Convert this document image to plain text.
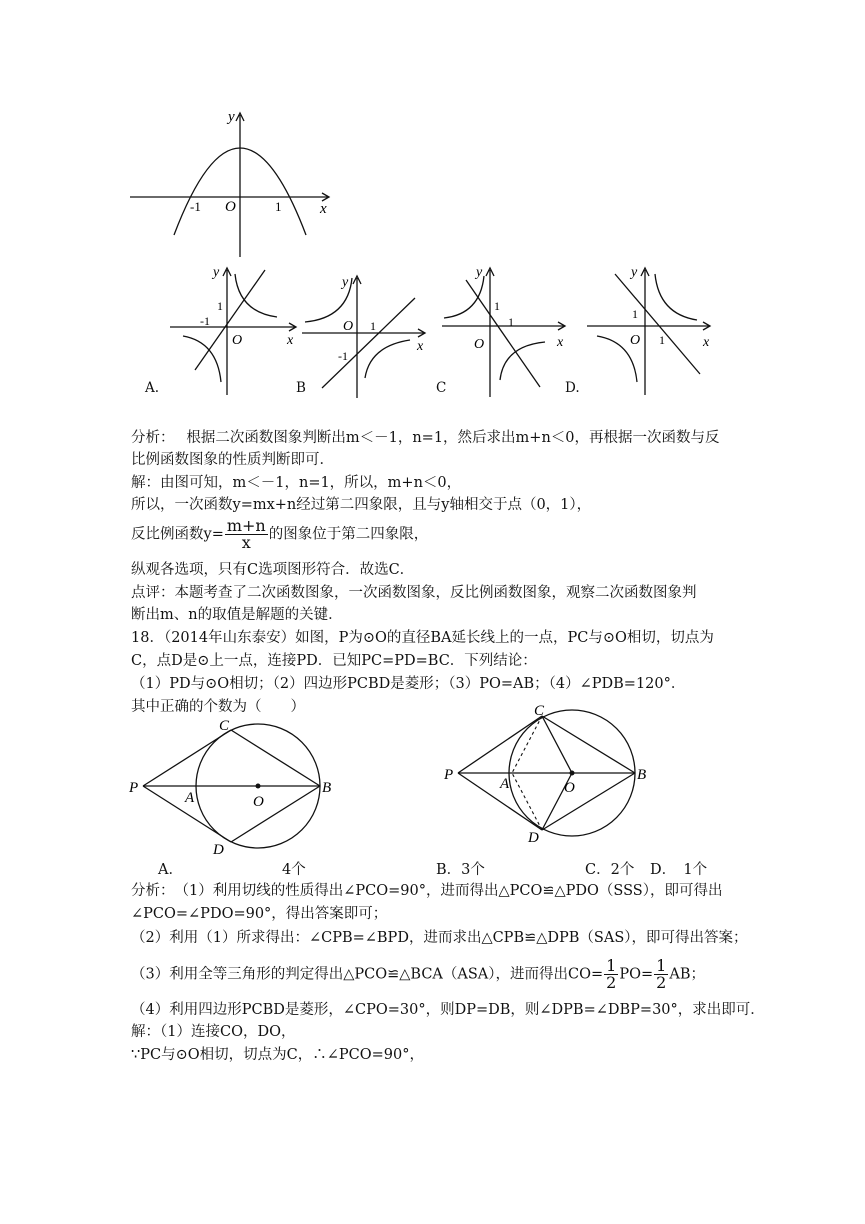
y
x
O
-1	1
y
x
O
-1
1
y
x
O 1
-1
y
x
O
1
1
y
x
O
1
1
A.	B	C	D.
分析：　 根据二次函数图象判断出m＜－1，n=1，然后求出m+n＜0，再根据一次函数与反
比例函数图象的性质判断即可．
解：由图可知，m＜－1，n=1，所以，m+n＜0，
所以，一次函数y=mx+n经过第二四象限，且与y轴相交于点（0，1），
反比例函数$y= \frac{m+n}{x}$ 的图象位于第二四象限，
纵观各选项，只有C选项图形符合．故选C．
点评：本题考查了二次函数图象，一次函数图象，反比例函数图象，观察二次函数图象判
断出m、n的取值是解题的关键．
18．（2014年山东泰安）如图，P为⊙O的直径BA延长线上的一点，PC与⊙O相切，切点为
C，点D是⊙上一点，连接PD．已知PC=PD=BC．下列结论：
（1）PD与⊙O相切；（2）四边形PCBD是菱形；（3）PO=AB；（4）∠PDB=120°．
其中正确的个数为（　　）
C
P
A	O
B
D
C
P
A	O
B
D
A．	4个	B．3个	C．2个 D．　1个
分析：　（1）利用切线的性质得出∠PCO=90°，进而得出△PCO≌△PDO（SSS），即可得出
∠PCO=∠PDO=90°，得出答案即可；
（2）利用（1）所求得出：∠CPB=∠BPD，进而求出△CPB≌△DPB（SAS），即可得出答案；
（3）利用全等三角形的判定得出△PCO≌△BCA（ASA），进而得出$CO= \frac{1}{2} PO= \frac{1}{2}$ AB；
（4）利用四边形PCBD是菱形，∠CPO=30°，则DP=DB，则∠DPB=∠DBP=30°，求出即可．
解：（1）连接CO，DO，
∵PC与⊙O相切，切点为C，∴∠PCO=90°，
